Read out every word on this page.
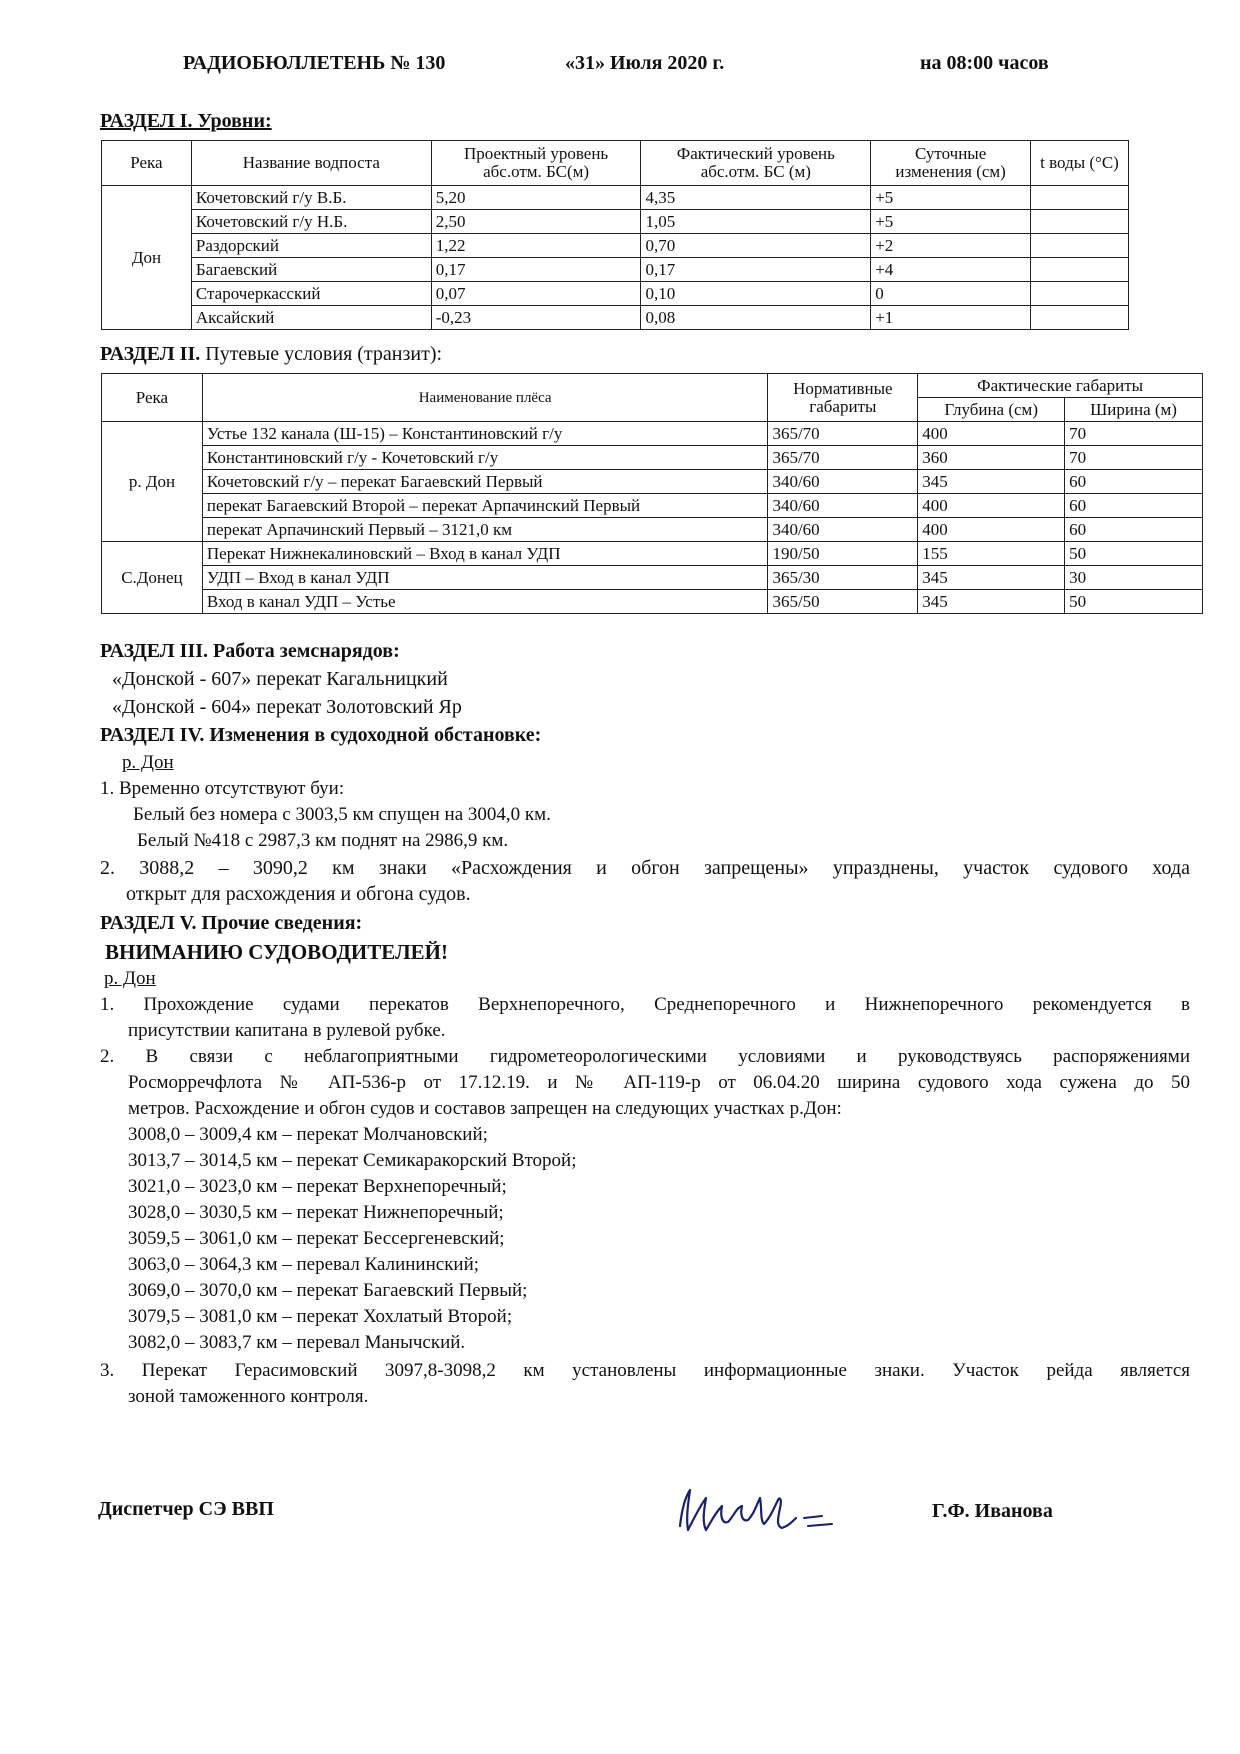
РАДИОБЮЛЛЕТЕНЬ № 130	«31» Июля 2020 г.	на 08:00 часов
РАЗДЕЛ I. Уровни:
Река	Название водпоста	Проектный уровень абс.отм. БС(м)	Фактический уровень абс.отм. БС (м)	Суточные изменения (см)	t воды (°С)
Дон	Кочетовский г/у В.Б.	5,20	4,35	+5	
	Кочетовский г/у Н.Б.	2,50	1,05	+5	
	Раздорский	1,22	0,70	+2	
	Багаевский	0,17	0,17	+4	
	Старочеркасский	0,07	0,10	0	
	Аксайский	-0,23	0,08	+1	
РАЗДЕЛ II. Путевые условия (транзит):
Река	Наименование плёса	Нормативные габариты	Фактические габариты	
			Глубина (см)	Ширина (м)
р. Дон	Устье 132 канала (Ш-15) – Константиновский г/у	365/70	400	70
	Константиновский г/у - Кочетовский г/у	365/70	360	70
	Кочетовский г/у – перекат Багаевский Первый	340/60	345	60
	перекат Багаевский Второй – перекат Арпачинский Первый	340/60	400	60
	перекат Арпачинский Первый – 3121,0 км	340/60	400	60
С.Донец	Перекат Нижнекалиновский – Вход в канал УДП	190/50	155	50
	УДП – Вход в канал УДП	365/30	345	30
	Вход в канал УДП – Устье	365/50	345	50
РАЗДЕЛ III. Работа земснарядов:
«Донской - 607» перекат Кагальницкий
«Донской - 604» перекат Золотовский Яр
РАЗДЕЛ IV. Изменения в судоходной обстановке:
р. Дон
1. Временно отсутствуют буи:
Белый без номера с 3003,5 км спущен на 3004,0 км.
Белый №418 с 2987,3 км поднят на 2986,9 км.
2. 3088,2 – 3090,2 км знаки «Расхождения и обгон запрещены» упразднены, участок судового хода
открыт для расхождения и обгона судов.
РАЗДЕЛ V. Прочие сведения:
ВНИМАНИЮ СУДОВОДИТЕЛЕЙ!
р. Дон
1. Прохождение судами перекатов Верхнепоречного, Среднепоречного и Нижнепоречного рекомендуется в
присутствии капитана в рулевой рубке.
2. В связи с неблагоприятными гидрометеорологическими условиями и руководствуясь распоряжениями
Росморречфлота № АП-536-р от 17.12.19. и № АП-119-р от 06.04.20 ширина судового хода сужена до 50
метров. Расхождение и обгон судов и составов запрещен на следующих участках р.Дон:
3008,0 – 3009,4 км – перекат Молчановский;
3013,7 – 3014,5 км – перекат Семикаракорский Второй;
3021,0 – 3023,0 км – перекат Верхнепоречный;
3028,0 – 3030,5 км – перекат Нижнепоречный;
3059,5 – 3061,0 км – перекат Бессергеневский;
3063,0 – 3064,3 км – перевал Калининский;
3069,0 – 3070,0 км – перекат Багаевский Первый;
3079,5 – 3081,0 км – перекат Хохлатый Второй;
3082,0 – 3083,7 км – перевал Манычский.
3. Перекат Герасимовский 3097,8-3098,2 км установлены информационные знаки. Участок рейда является
зоной таможенного контроля.
Диспетчер СЭ ВВП	Г.Ф. Иванова
